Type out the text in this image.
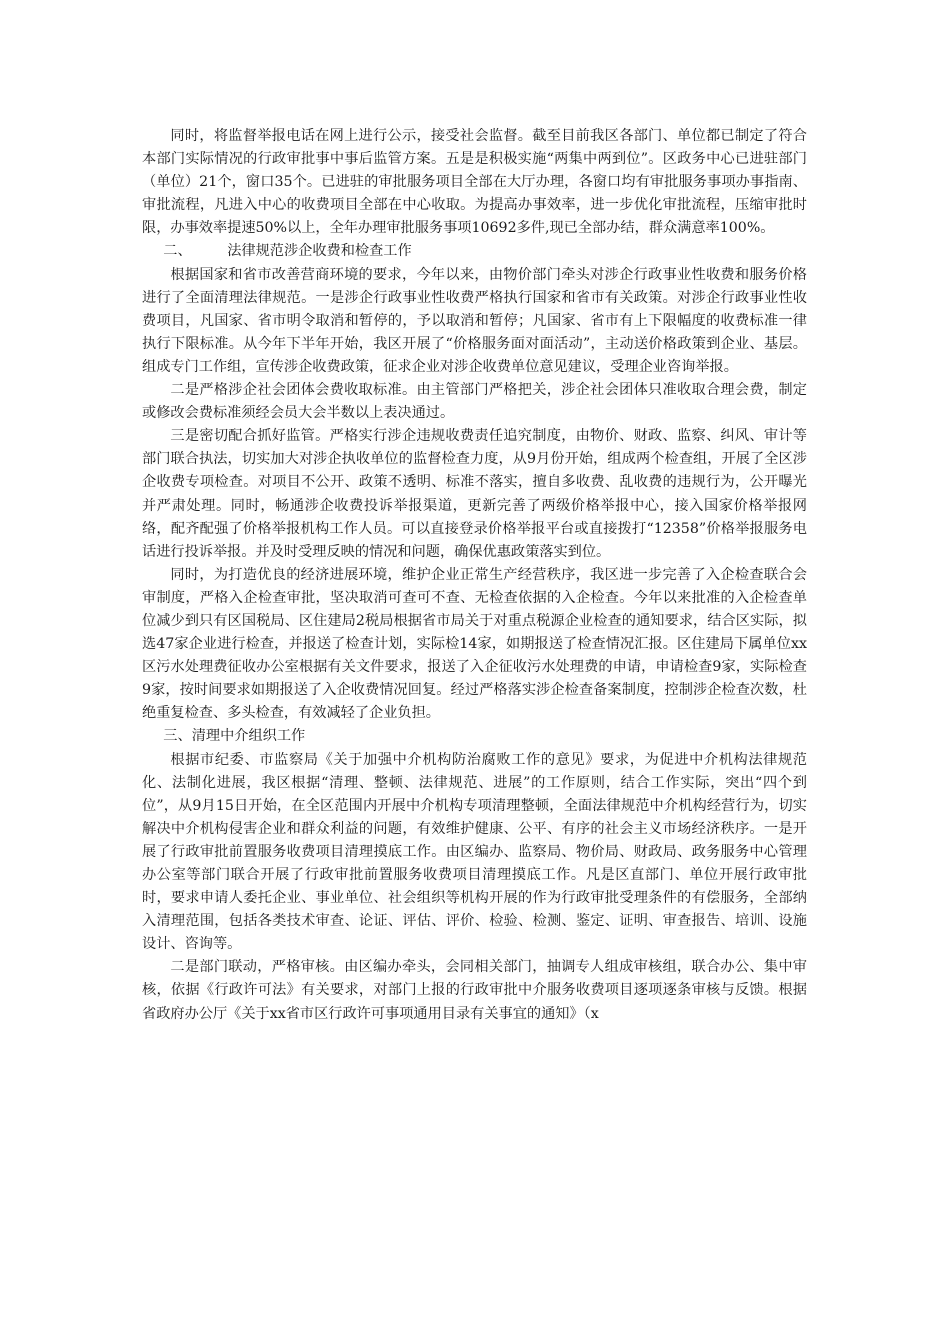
同时，将监督举报电话在网上进行公示，接受社会监督。截至目前我区各部门、单位都已制定了符合本部门实际情况的行政审批事中事后监管方案。五是是积极实施“两集中两到位”。区政务中心已进驻部门（单位）21个，窗口35个。已进驻的审批服务项目全部在大厅办理，各窗口均有审批服务事项办事指南、审批流程，凡进入中心的收费项目全部在中心收取。为提高办事效率，进一步优化审批流程，压缩审批时限，办事效率提速50%以上，全年办理审批服务事项10692多件,现已全部办结，群众满意率100%。

二、	法律规范涉企收费和检查工作

根据国家和省市改善营商环境的要求，今年以来，由物价部门牵头对涉企行政事业性收费和服务价格进行了全面清理法律规范。一是涉企行政事业性收费严格执行国家和省市有关政策。对涉企行政事业性收费项目，凡国家、省市明令取消和暂停的，予以取消和暂停；凡国家、省市有上下限幅度的收费标准一律执行下限标准。从今年下半年开始，我区开展了“价格服务面对面活动”，主动送价格政策到企业、基层。组成专门工作组，宣传涉企收费政策，征求企业对涉企收费单位意见建议，受理企业咨询举报。

二是严格涉企社会团体会费收取标准。由主管部门严格把关，涉企社会团体只准收取合理会费，制定或修改会费标准须经会员大会半数以上表决通过。

三是密切配合抓好监管。严格实行涉企违规收费责任追究制度，由物价、财政、监察、纠风、审计等部门联合执法，切实加大对涉企执收单位的监督检查力度，从9月份开始，组成两个检查组，开展了全区涉企收费专项检查。对项目不公开、政策不透明、标准不落实，擅自多收费、乱收费的违规行为，公开曝光并严肃处理。同时，畅通涉企收费投诉举报渠道，更新完善了两级价格举报中心，接入国家价格举报网络，配齐配强了价格举报机构工作人员。可以直接登录价格举报平台或直接拨打“12358”价格举报服务电话进行投诉举报。并及时受理反映的情况和问题，确保优惠政策落实到位。

同时，为打造优良的经济进展环境，维护企业正常生产经营秩序，我区进一步完善了入企检查联合会审制度，严格入企检查审批，坚决取消可查可不查、无检查依据的入企检查。今年以来批准的入企检查单位减少到只有区国税局、区住建局2税局根据省市局关于对重点税源企业检查的通知要求，结合区实际，拟选47家企业进行检查，并报送了检查计划，实际检14家，如期报送了检查情况汇报。区住建局下属单位xx区污水处理费征收办公室根据有关文件要求，报送了入企征收污水处理费的申请，申请检查9家，实际检查9家，按时间要求如期报送了入企收费情况回复。经过严格落实涉企检查备案制度，控制涉企检查次数，杜绝重复检查、多头检查，有效减轻了企业负担。

三、清理中介组织工作

根据市纪委、市监察局《关于加强中介机构防治腐败工作的意见》要求，为促进中介机构法律规范化、法制化进展，我区根据“清理、整顿、法律规范、进展”的工作原则，结合工作实际，突出“四个到位”，从9月15日开始，在全区范围内开展中介机构专项清理整顿，全面法律规范中介机构经营行为，切实解决中介机构侵害企业和群众利益的问题，有效维护健康、公平、有序的社会主义市场经济秩序。一是开展了行政审批前置服务收费项目清理摸底工作。由区编办、监察局、物价局、财政局、政务服务中心管理办公室等部门联合开展了行政审批前置服务收费项目清理摸底工作。凡是区直部门、单位开展行政审批时，要求申请人委托企业、事业单位、社会组织等机构开展的作为行政审批受理条件的有偿服务，全部纳入清理范围，包括各类技术审查、论证、评估、评价、检验、检测、鉴定、证明、审查报告、培训、设施设计、咨询等。

二是部门联动，严格审核。由区编办牵头，会同相关部门，抽调专人组成审核组，联合办公、集中审核，依据《行政许可法》有关要求，对部门上报的行政审批中介服务收费项目逐项逐条审核与反馈。根据省政府办公厅《关于xx省市区行政许可事项通用目录有关事宜的通知》（x
